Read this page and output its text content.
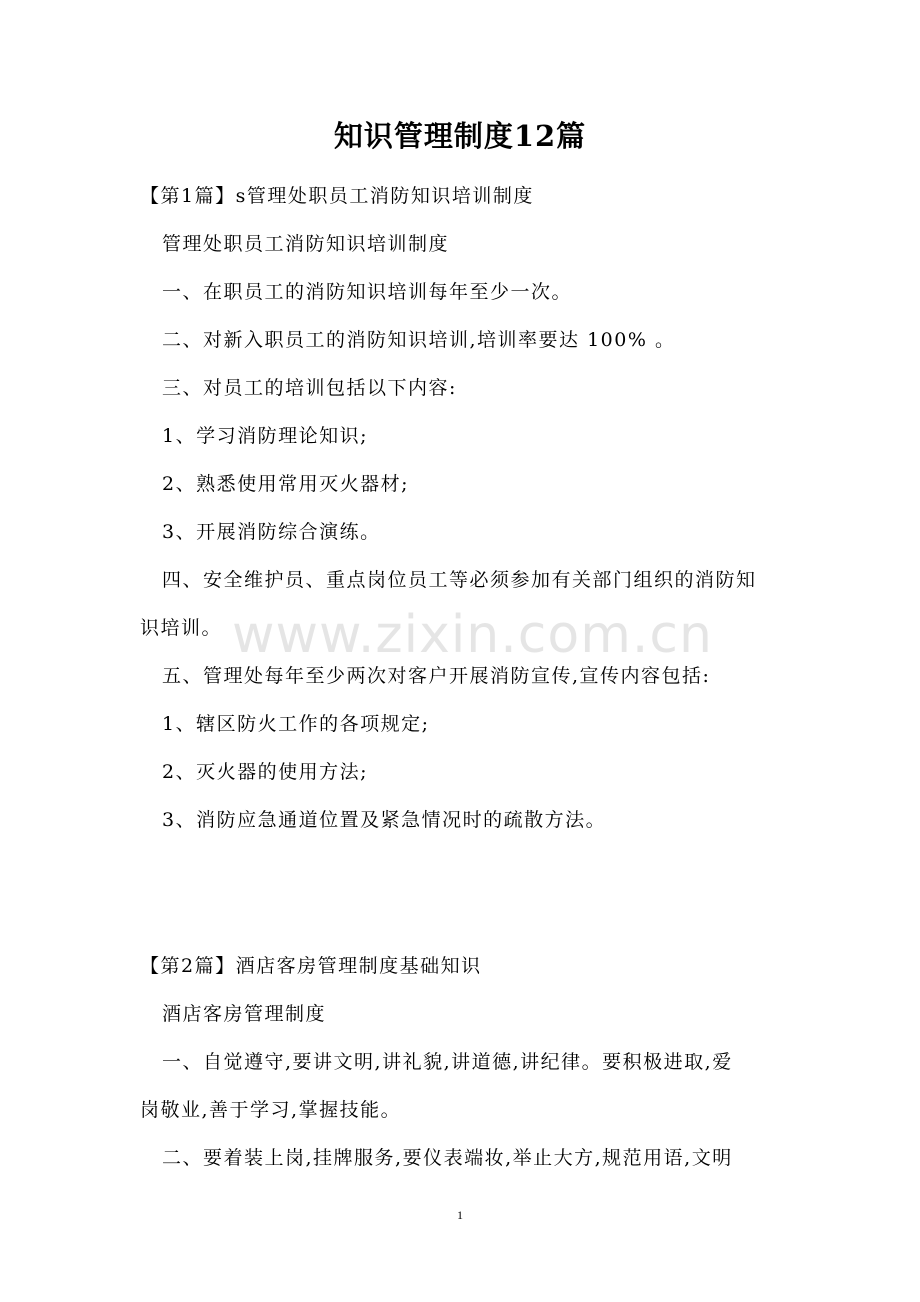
知识管理制度12篇
【第1篇】s管理处职员工消防知识培训制度
管理处职员工消防知识培训制度
一、在职员工的消防知识培训每年至少一次。
二、对新入职员工的消防知识培训,培训率要达 100% 。
三、对员工的培训包括以下内容:
1、学习消防理论知识;
2、熟悉使用常用灭火器材;
3、开展消防综合演练。
四、安全维护员、重点岗位员工等必须参加有关部门组织的消防知
识培训。
五、管理处每年至少两次对客户开展消防宣传,宣传内容包括:
1、辖区防火工作的各项规定;
2、灭火器的使用方法;
3、消防应急通道位置及紧急情况时的疏散方法。
【第2篇】酒店客房管理制度基础知识
酒店客房管理制度
一、自觉遵守,要讲文明,讲礼貌,讲道德,讲纪律。要积极进取,爱
岗敬业,善于学习,掌握技能。
二、要着装上岗,挂牌服务,要仪表端妆,举止大方,规范用语,文明
www.zixin.com.cn
1
